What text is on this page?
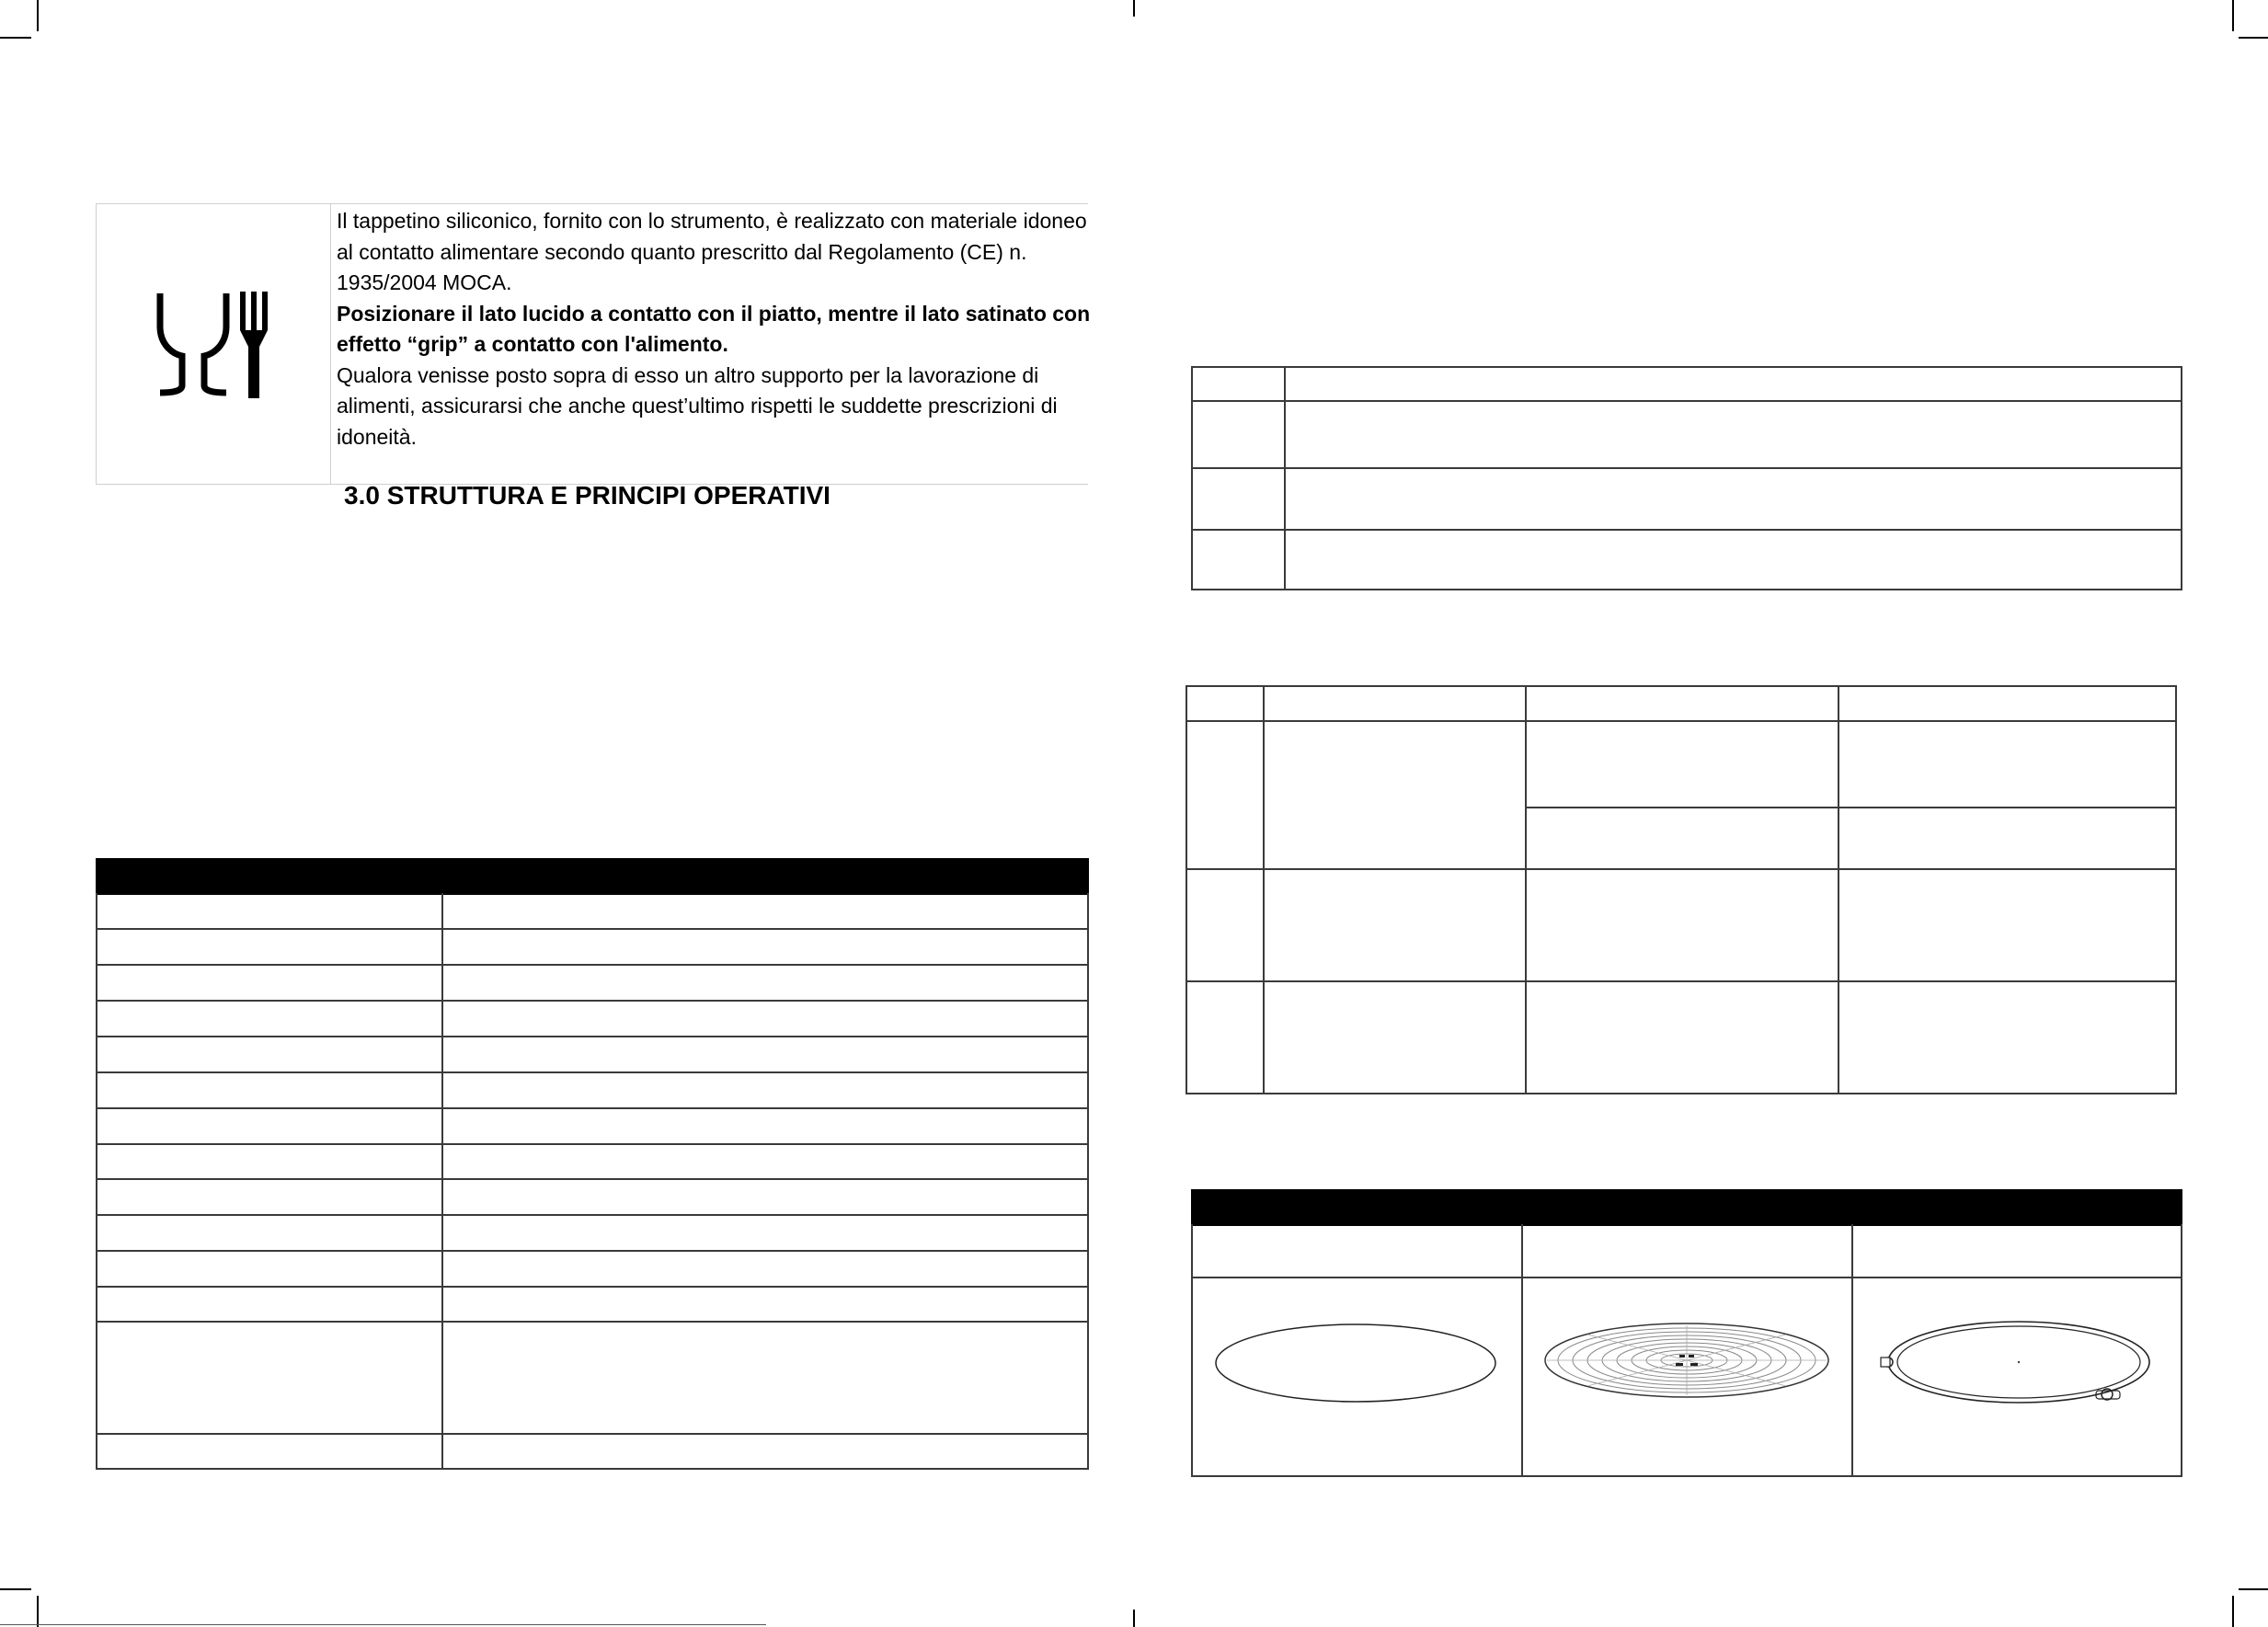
Il tappetino siliconico, fornito con lo strumento, è realizzato con materiale idoneo al contatto alimentare secondo quanto prescritto dal Regolamento (CE) n. 1935/2004 MOCA.

Posizionare il lato lucido a contatto con il piatto, mentre il lato satinato con effetto “grip” a contatto con l'alimento.

Qualora venisse posto sopra di esso un altro supporto per la lavorazione di alimenti, assicurarsi che anche quest’ultimo rispetti le suddette prescrizioni di idoneità.

3.0 STRUTTURA E PRINCIPI OPERATIVI
